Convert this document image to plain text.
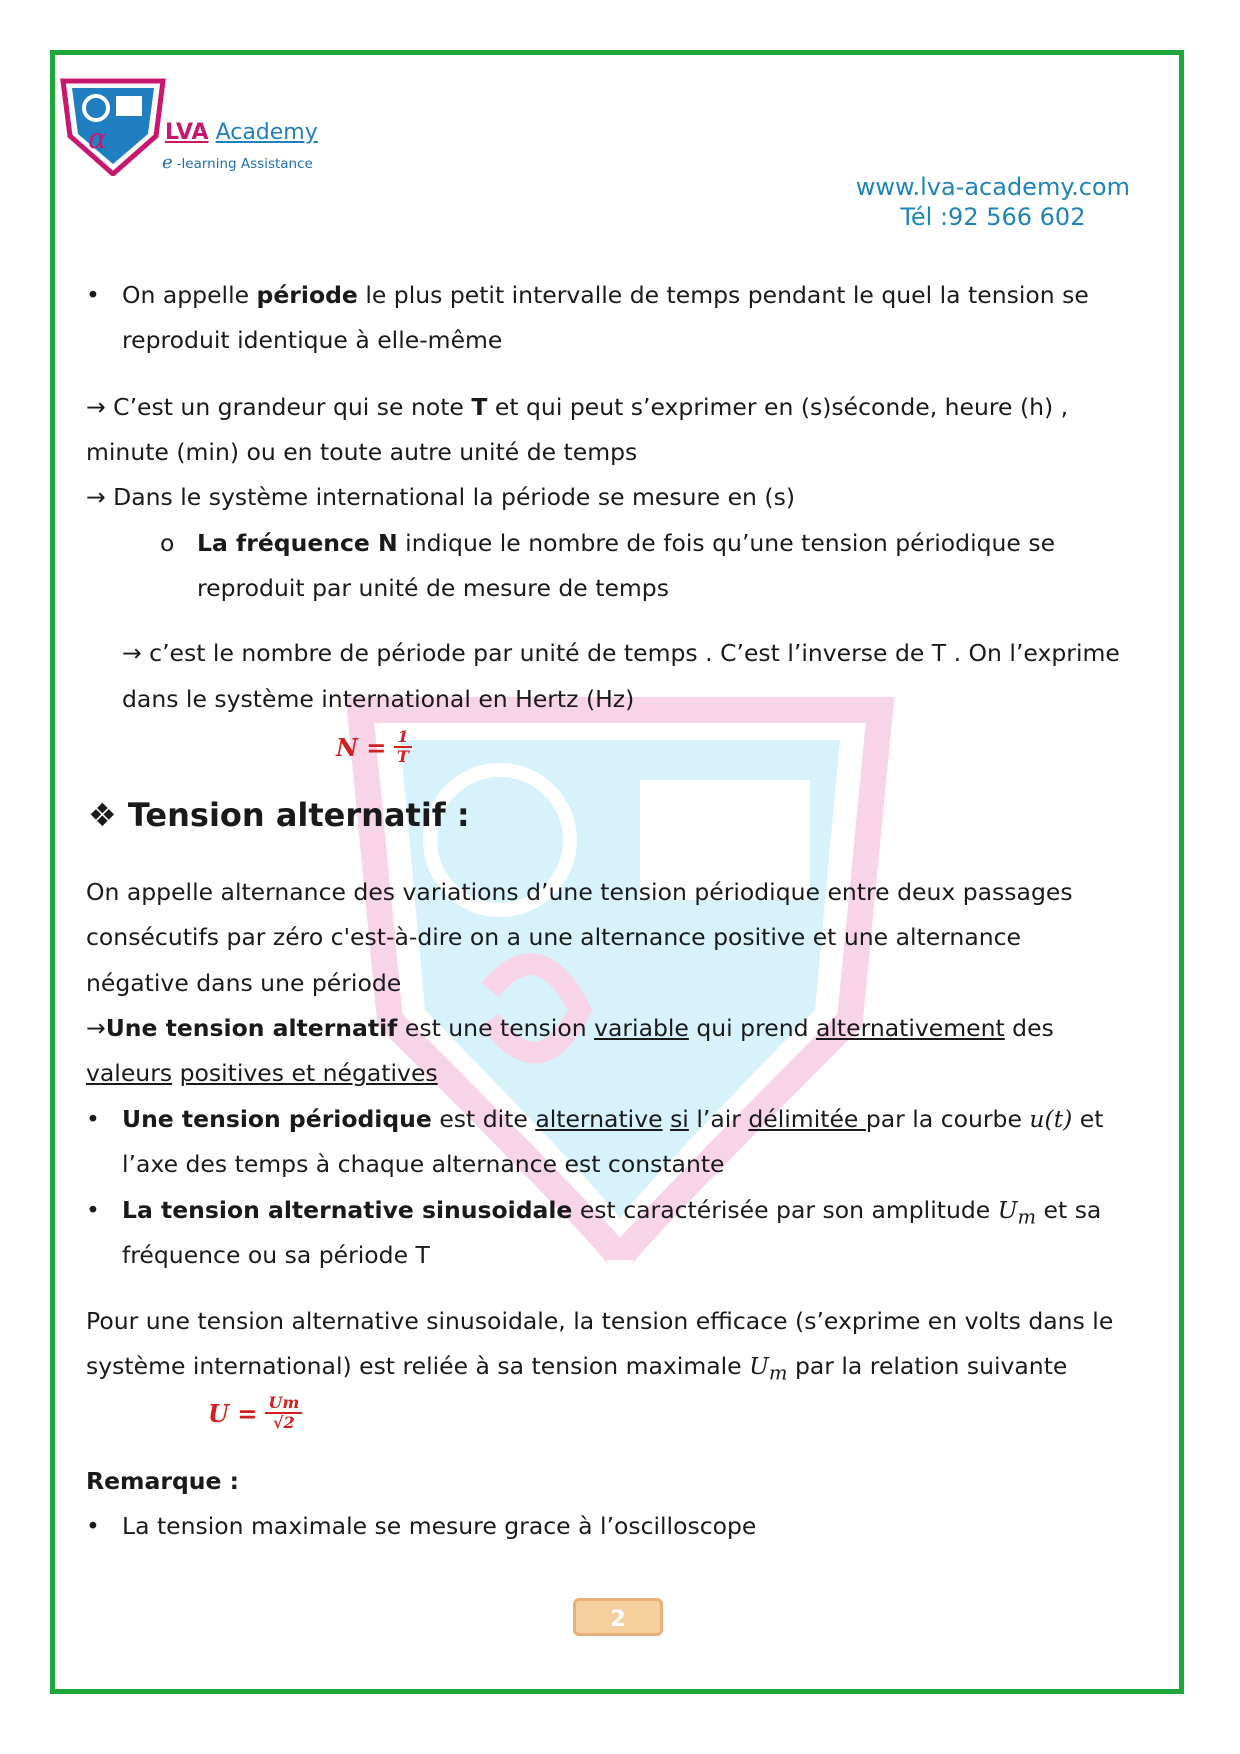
α	LVA Academy
e -learning Assistance
www.lva-academy.com
Tél :92 566 602
• On appelle période le plus petit intervalle de temps pendant le quel la tension se
reproduit identique à elle-même
→ C’est un grandeur qui se note T et qui peut s’exprimer en (s)séconde, heure (h) ,
minute (min) ou en toute autre unité de temps
→ Dans le système international la période se mesure en (s)
o La fréquence N indique le nombre de fois qu’une tension périodique se
reproduit par unité de mesure de temps
→ c’est le nombre de période par unité de temps . C’est l’inverse de T . On l’exprime
dans le système international en Hertz (Hz)
$N = \frac{1}{T}$
❖ Tension alternatif :
On appelle alternance des variations d’une tension périodique entre deux passages
consécutifs par zéro c'est-à-dire on a une alternance positive et une alternance
négative dans une période
→Une tension alternatif est une tension variable qui prend alternativement des
valeurs positives et négatives
• Une tension périodique est dite alternative si l’air délimitée par la courbe u(t) et
l’axe des temps à chaque alternance est constante
• La tension alternative sinusoidale est caractérisée par son amplitude $U_m$ et sa
fréquence ou sa période T
Pour une tension alternative sinusoidale, la tension efficace (s’exprime en volts dans le
système international) est reliée à sa tension maximale $U_m$ par la relation suivante
$U = \frac{Um}{√2}$
Remarque :
• La tension maximale se mesure grace à l’oscilloscope
2
